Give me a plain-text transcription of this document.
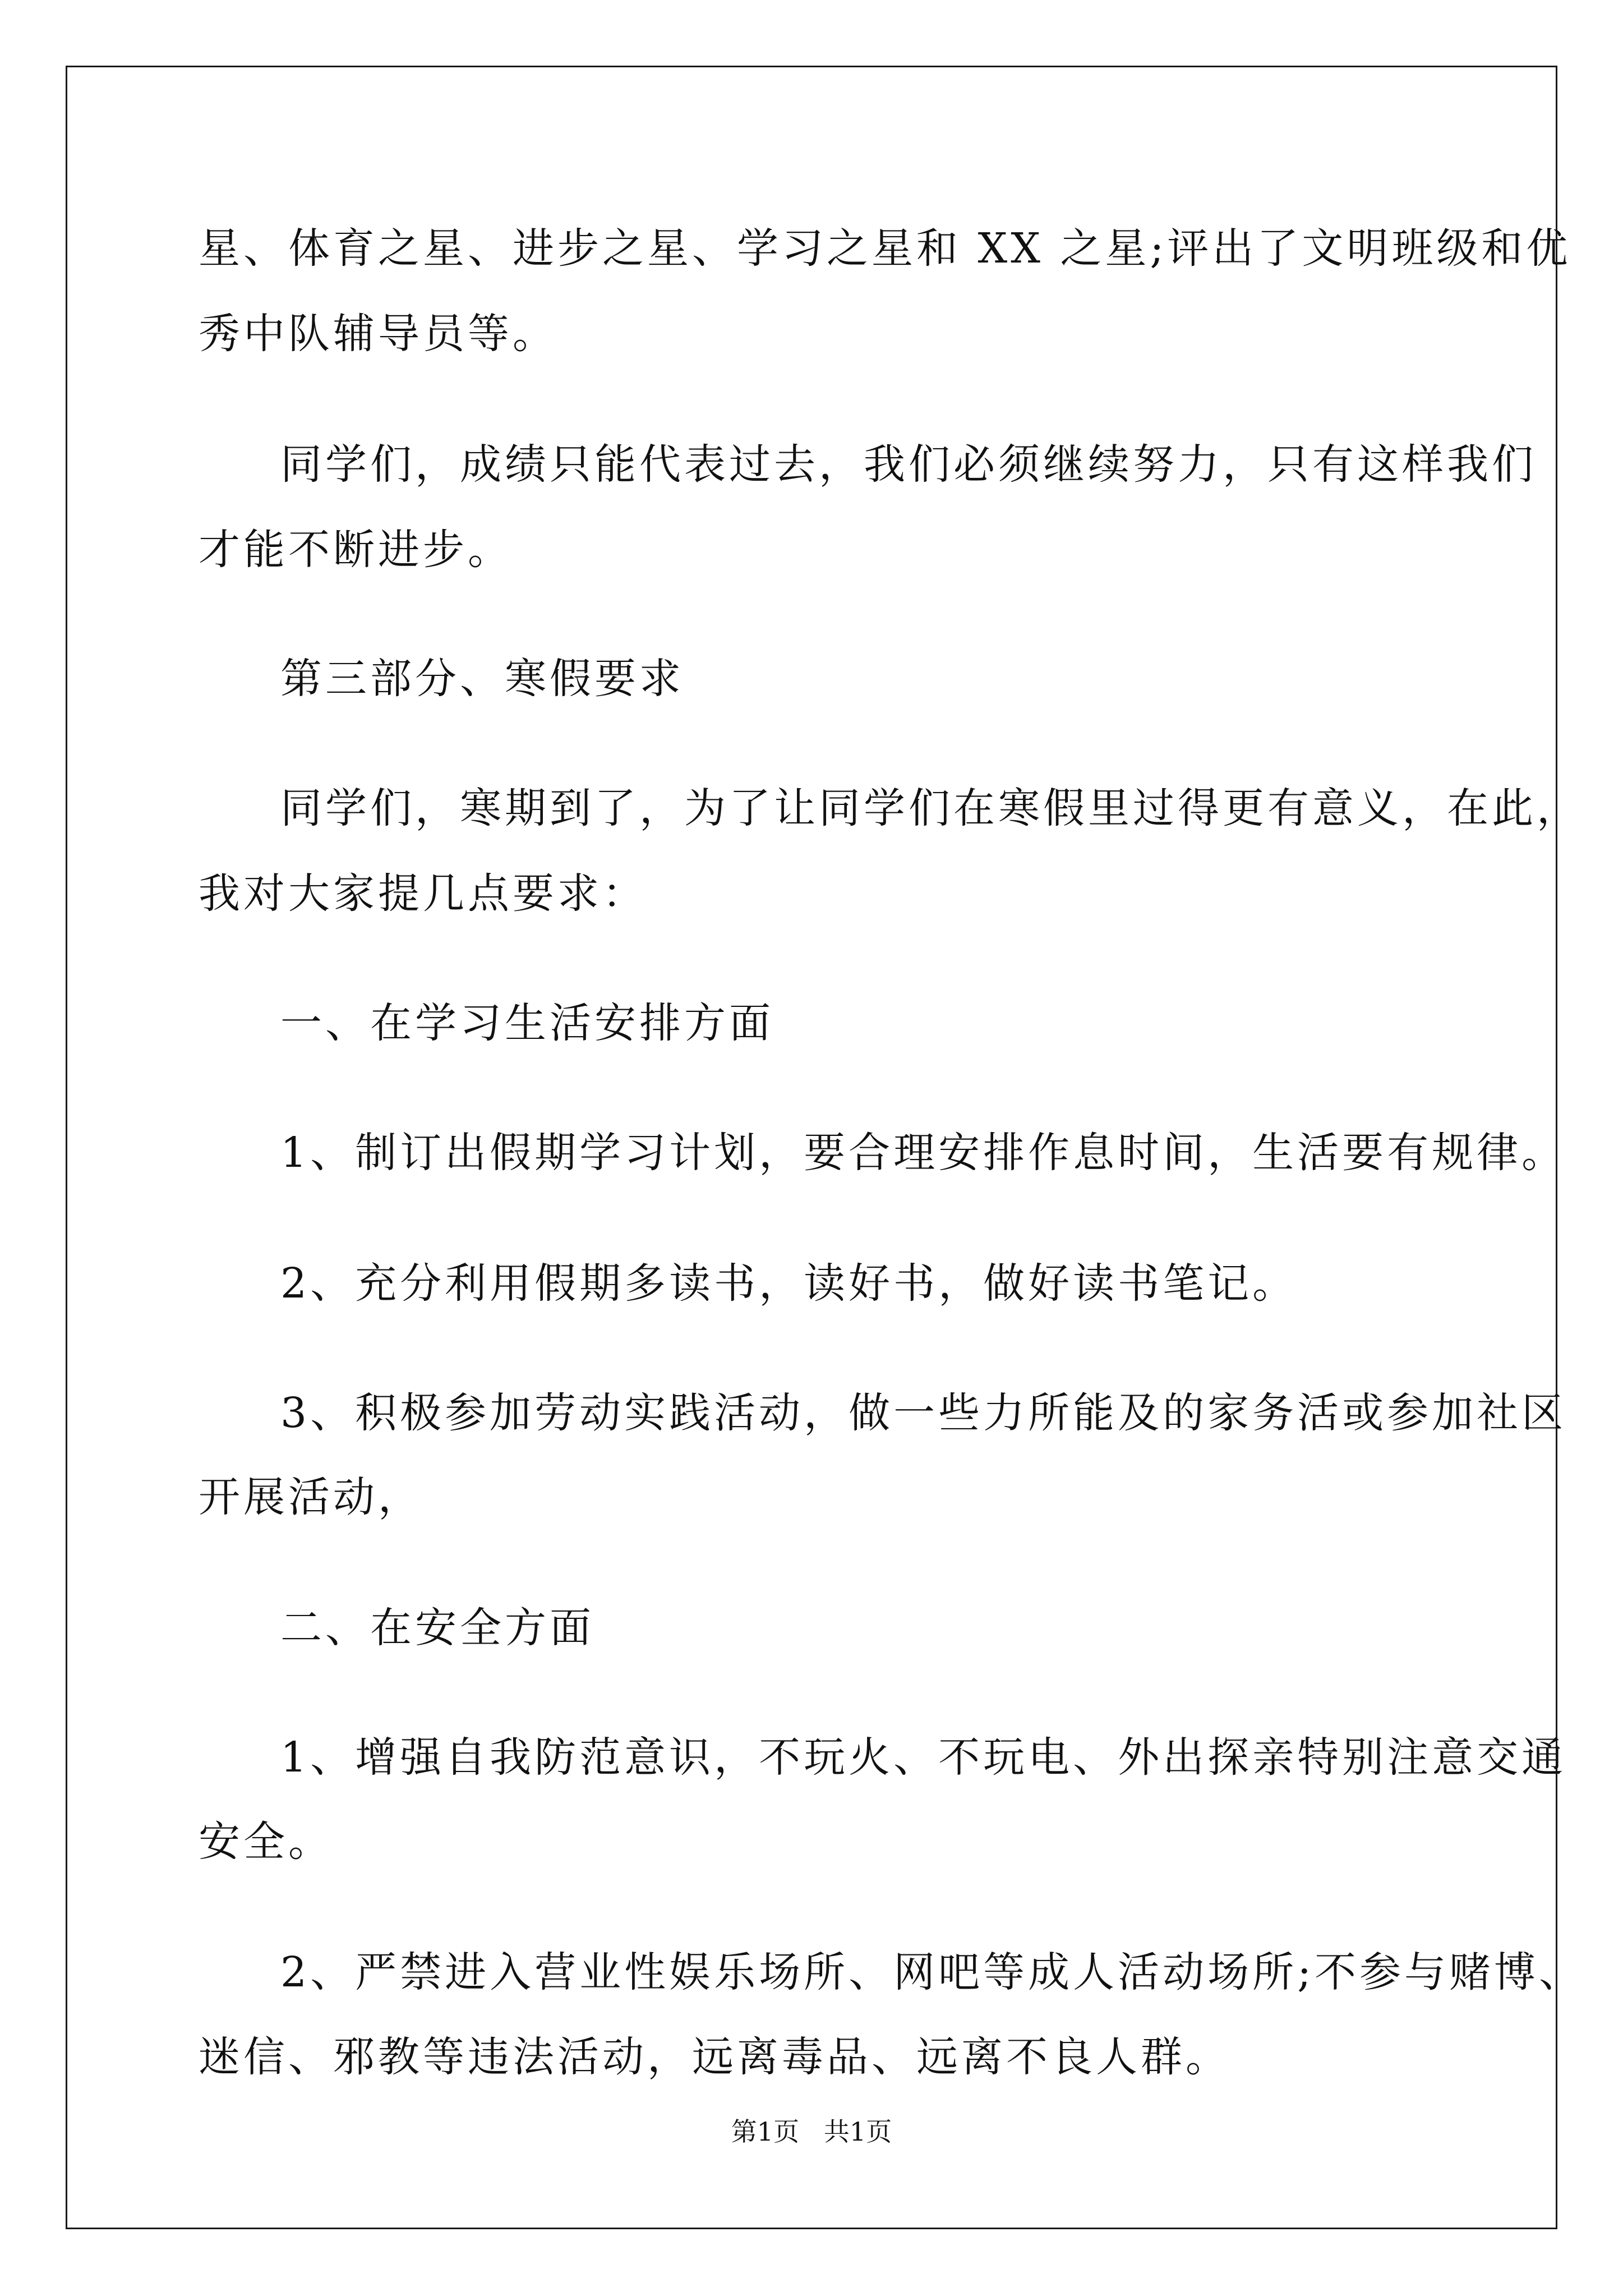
星、体育之星、进步之星、学习之星和 XX 之星;评出了文明班级和优

秀中队辅导员等。

同学们，成绩只能代表过去，我们必须继续努力，只有这样我们

才能不断进步。

第三部分、寒假要求

同学们，寒期到了，为了让同学们在寒假里过得更有意义，在此，

我对大家提几点要求：

一、在学习生活安排方面

1、制订出假期学习计划，要合理安排作息时间，生活要有规律。

2、充分利用假期多读书，读好书，做好读书笔记。

3、积极参加劳动实践活动，做一些力所能及的家务活或参加社区

开展活动，

二、在安全方面

1、增强自我防范意识，不玩火、不玩电、外出探亲特别注意交通

安全。

2、严禁进入营业性娱乐场所、网吧等成人活动场所;不参与赌博、

迷信、邪教等违法活动，远离毒品、远离不良人群。

第1页   共1页
